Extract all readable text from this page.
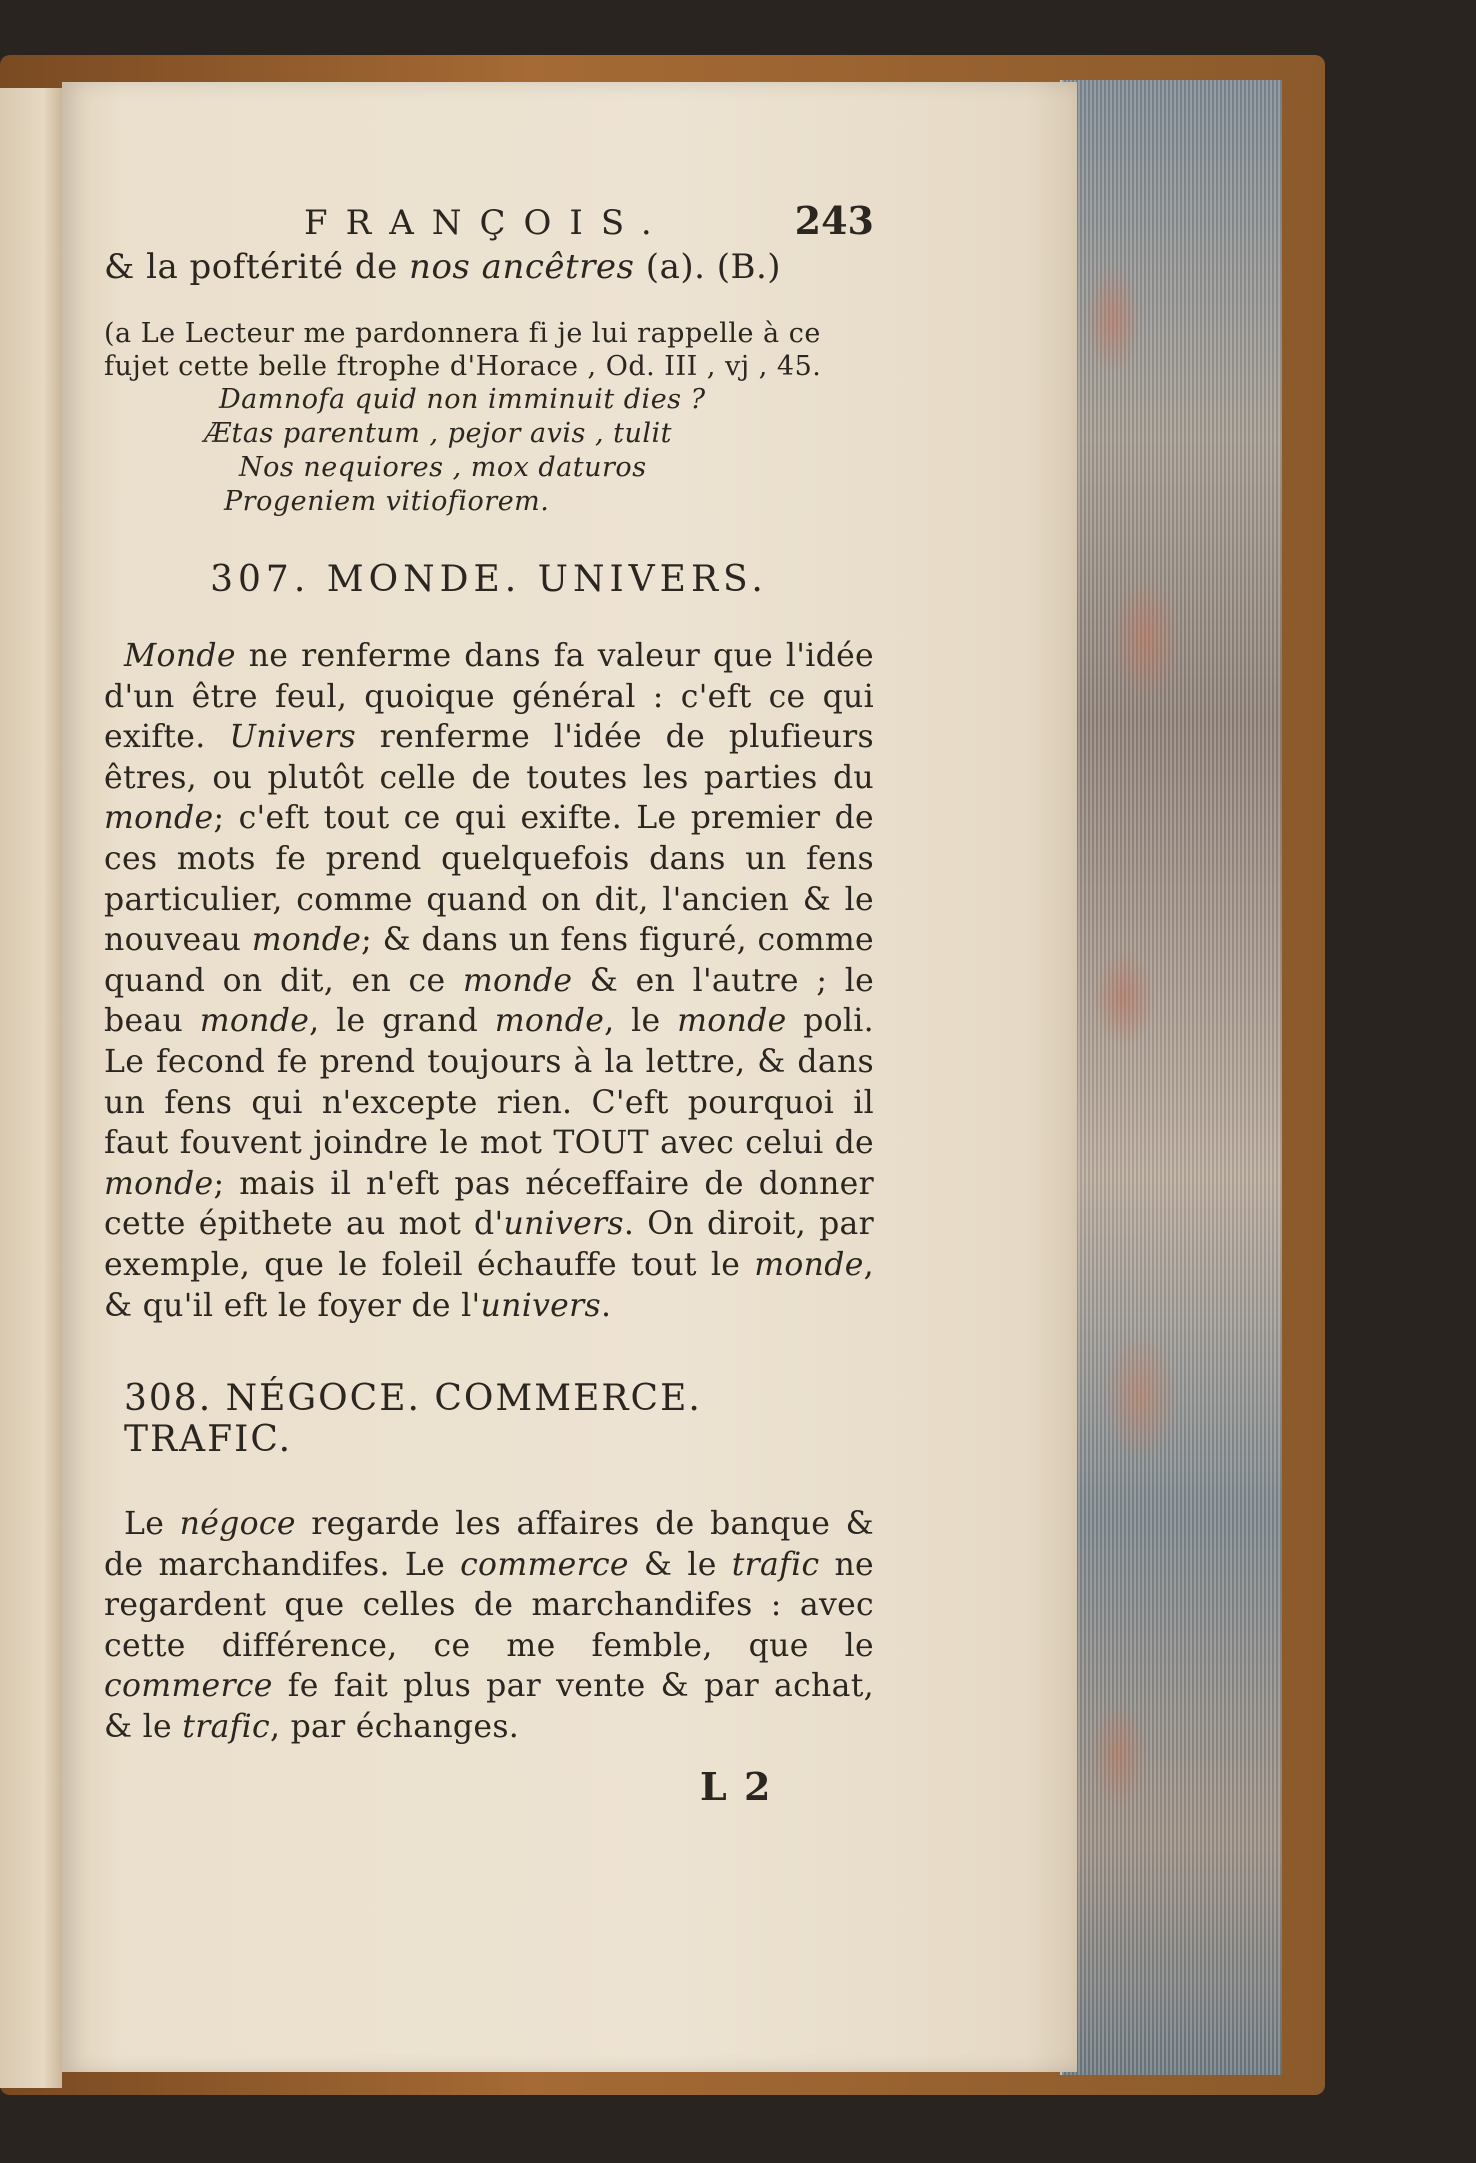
FRANÇOIS.	243

& la poftérité de nos ancêtres (a). (B.)

(a Le Lecteur me pardonnera fi je lui rappelle à ce fujet cette belle ftrophe d'Horace , Od. III , vj , 45.

Damnofa quid non imminuit dies ?

Ætas parentum , pejor avis , tulit

Nos nequiores , mox daturos

Progeniem vitiofiorem.

307. MONDE. UNIVERS.

Monde ne renferme dans fa valeur que l'idée d'un être feul, quoique général : c'eft ce qui exifte. Univers renferme l'idée de plufieurs êtres, ou plutôt celle de toutes les parties du monde; c'eft tout ce qui exifte. Le premier de ces mots fe prend quelquefois dans un fens particulier, comme quand on dit, l'ancien & le nouveau monde; & dans un fens figuré, comme quand on dit, en ce monde & en l'autre ; le beau monde, le grand monde, le monde poli. Le fecond fe prend toujours à la lettre, & dans un fens qui n'excepte rien. C'eft pourquoi il faut fouvent joindre le mot TOUT avec celui de monde; mais il n'eft pas néceffaire de donner cette épithete au mot d'univers. On diroit, par exemple, que le foleil échauffe tout le monde, & qu'il eft le foyer de l'univers.

308. NÉGOCE. COMMERCE. TRAFIC.

Le négoce regarde les affaires de banque & de marchandifes. Le commerce & le trafic ne regardent que celles de marchandifes : avec cette différence, ce me femble, que le commerce fe fait plus par vente & par achat, & le trafic, par échanges.

L 2
